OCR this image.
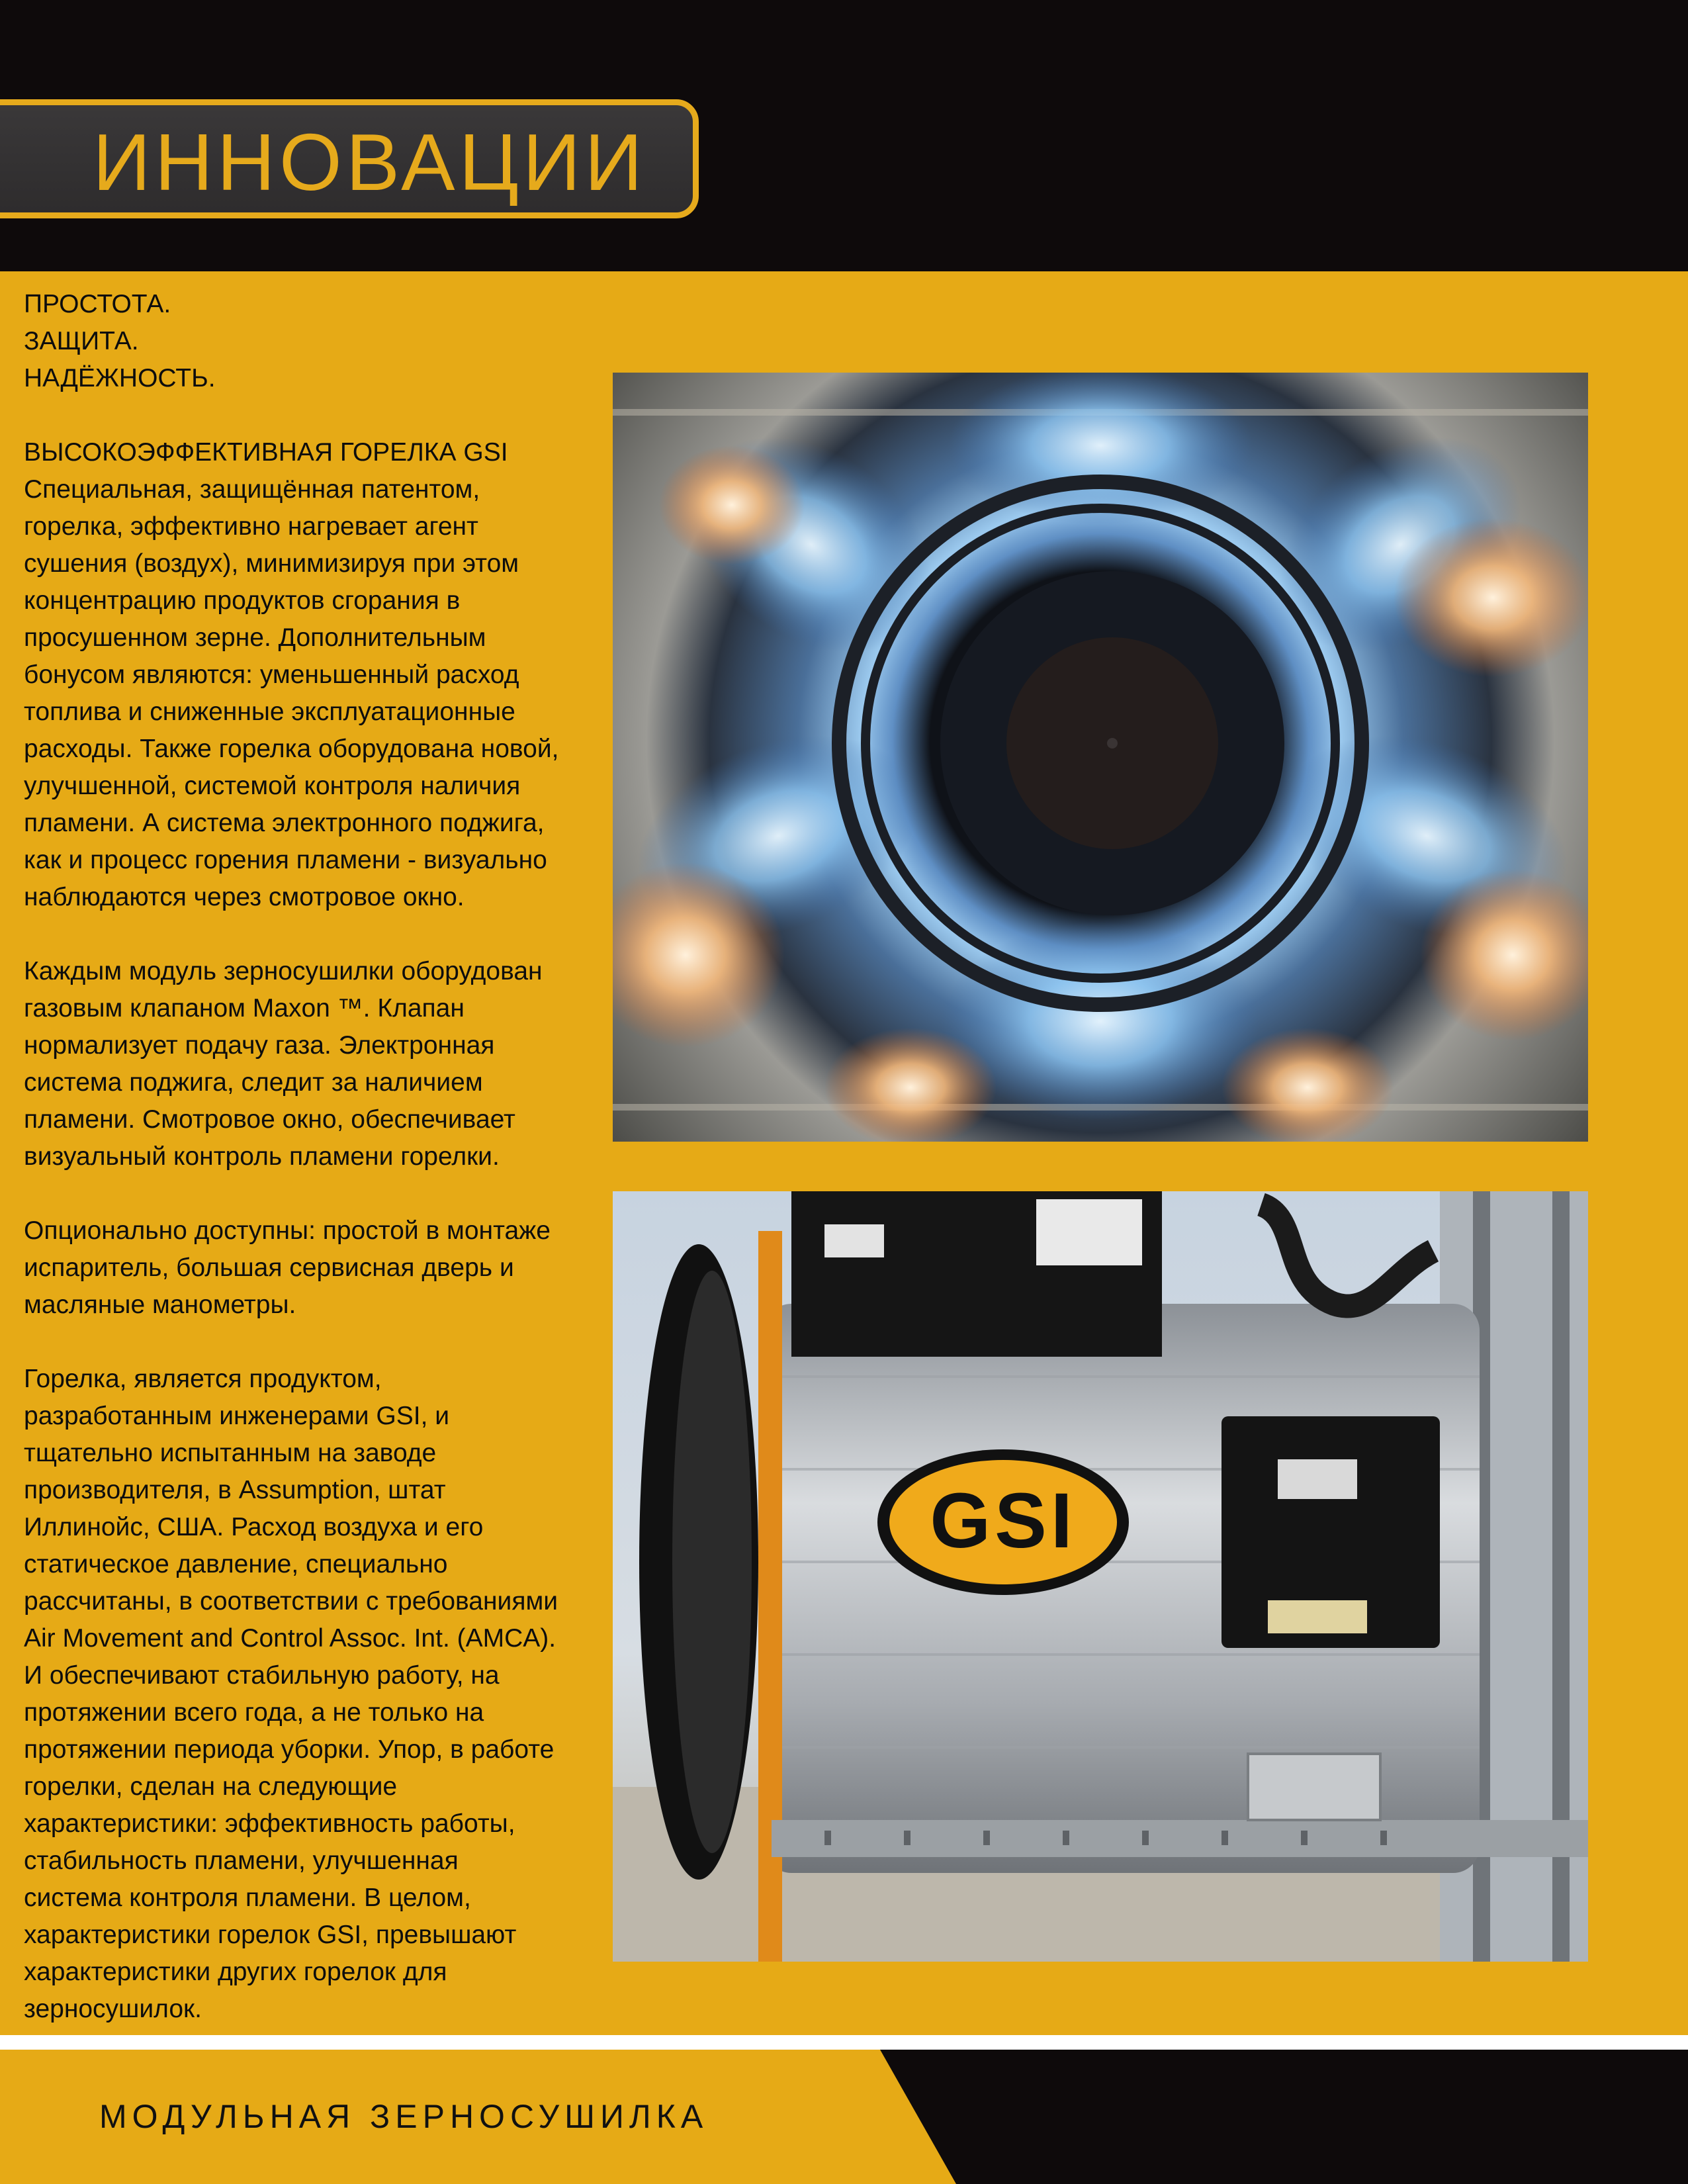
ИННОВАЦИИ

ПРОСТОТА.
ЗАЩИТА.
НАДЁЖНОСТЬ.

ВЫСОКОЭФФЕКТИВНАЯ ГОРЕЛКА GSI
Специальная, защищённая патентом,
горелка, эффективно нагревает агент
сушения (воздух), минимизируя при этом
концентрацию продуктов сгорания в
просушенном зерне. Дополнительным
бонусом являются: уменьшенный расход
топлива и сниженные эксплуатационные
расходы. Также горелка оборудована новой,
улучшенной, системой контроля наличия
пламени. А система электронного поджига,
как и процесс горения пламени - визуально
наблюдаются через смотровое окно.

Каждым модуль зерносушилки оборудован
газовым клапаном Maxon ™. Клапан
нормализует подачу газа. Электронная
система поджига, следит за наличием
пламени. Смотровое окно, обеспечивает
визуальный контроль пламени горелки.

Опционально доступны: простой в монтаже
испаритель, большая сервисная дверь и
масляные манометры.

Горелка, является продуктом,
разработанным инженерами GSI, и
тщательно испытанным на заводе
производителя, в Assumption, штат
Иллинойс, США. Расход воздуха и его
статическое давление, специально
рассчитаны, в соответствии с требованиями
Air Movement and Control Assoc. Int. (AMCA).
И обеспечивают стабильную работу, на
протяжении всего года, а не только на
протяжении периода уборки. Упор, в работе
горелки, сделан на следующие
характеристики: эффективность работы,
стабильность пламени, улучшенная
система контроля пламени. В целом,
характеристики горелок GSI, превышают
характеристики других горелок для
зерносушилок.

GSI
МОДУЛЬНАЯ ЗЕРНОСУШИЛКА
